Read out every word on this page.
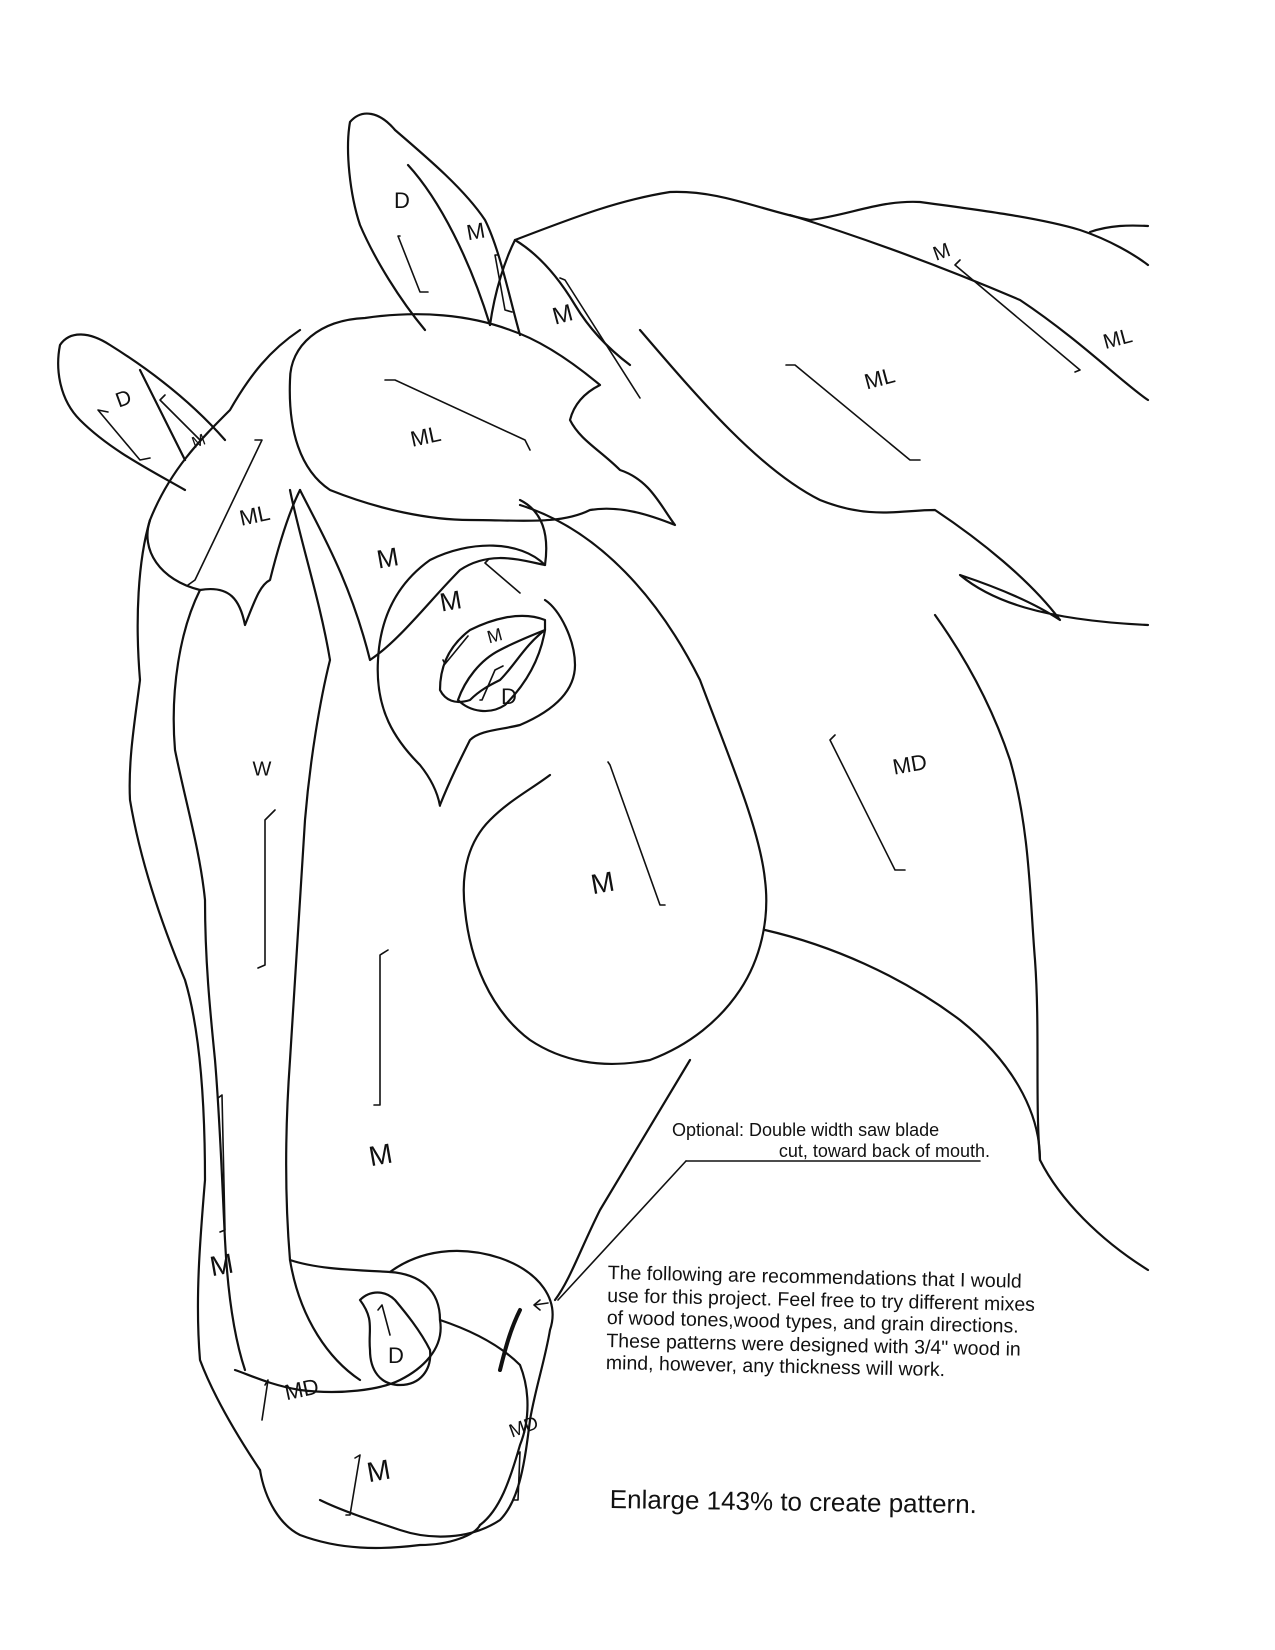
D
M
D
M
M
M
ML
ML
ML
ML
M
M
M
D
W	MD
M
M
M
D
MD
MD
M
Optional: Double width saw blade
cut, toward back of mouth.
The following are recommendations that I would use for this project. Feel free to try different mixes of wood tones,wood types, and grain directions. These patterns were designed with 3/4" wood in mind, however, any thickness will work.
Enlarge 143% to create pattern.
